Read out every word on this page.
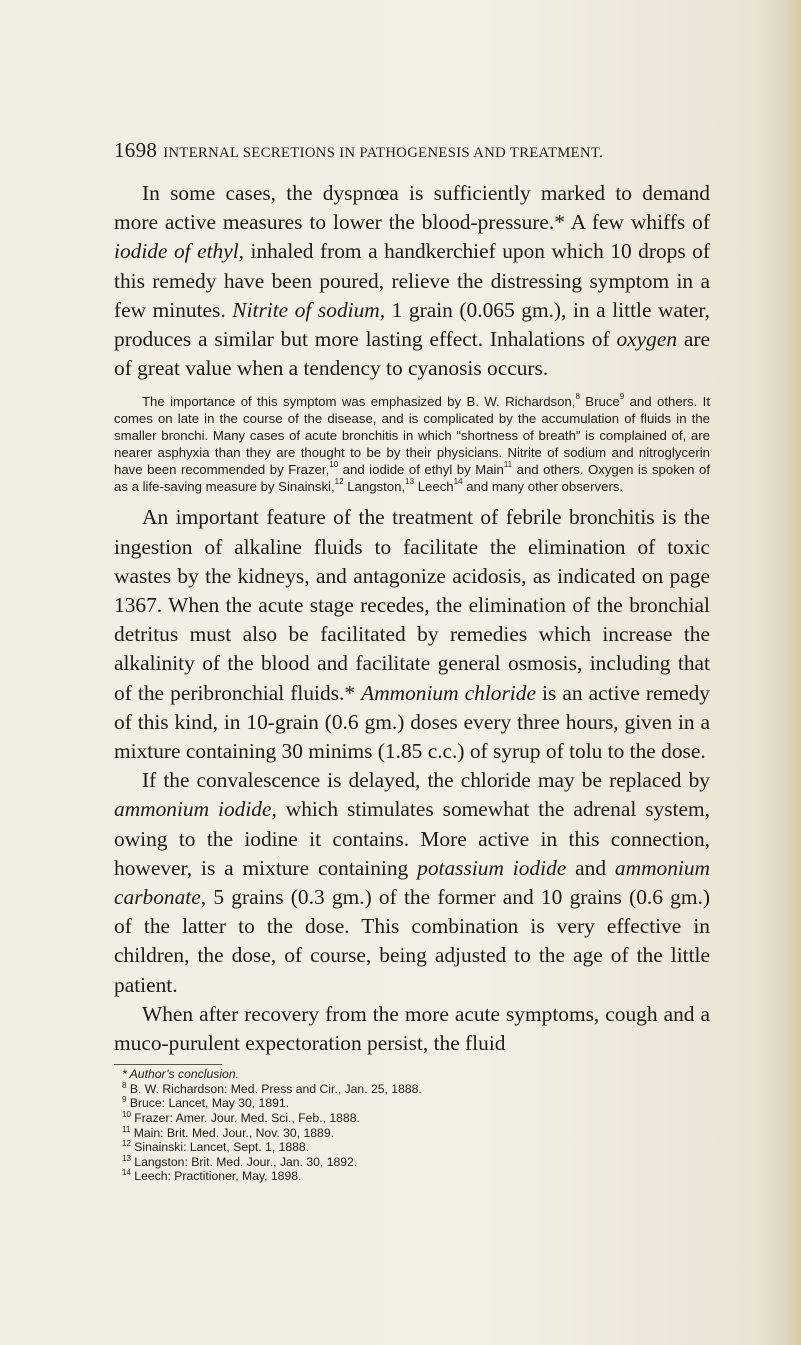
1698 INTERNAL SECRETIONS IN PATHOGENESIS AND TREATMENT.

In some cases, the dyspnœa is sufficiently marked to demand more active measures to lower the blood-pressure.* A few whiffs of iodide of ethyl, inhaled from a handkerchief upon which 10 drops of this remedy have been poured, relieve the distressing symptom in a few minutes. Nitrite of sodium, 1 grain (0.065 gm.), in a little water, produces a similar but more lasting effect. Inhalations of oxygen are of great value when a tendency to cyanosis occurs.

The importance of this symptom was emphasized by B. W. Richardson,$^8$ Bruce$^9$ and others. It comes on late in the course of the disease, and is complicated by the accumulation of fluids in the smaller bronchi. Many cases of acute bronchitis in which “shortness of breath” is complained of, are nearer asphyxia than they are thought to be by their physicians. Nitrite of sodium and nitroglycerin have been recommended by Frazer,$^{10}$ and iodide of ethyl by Main$^{11}$ and others. Oxygen is spoken of as a life-saving measure by Sinainski,$^{12}$ Langston,$^{13}$ Leech$^{14}$ and many other observers.

An important feature of the treatment of febrile bronchitis is the ingestion of alkaline fluids to facilitate the elimination of toxic wastes by the kidneys, and antagonize acidosis, as indicated on page 1367. When the acute stage recedes, the elimination of the bronchial detritus must also be facilitated by remedies which increase the alkalinity of the blood and facilitate general osmosis, including that of the peribronchial fluids.* Ammonium chloride is an active remedy of this kind, in 10-grain (0.6 gm.) doses every three hours, given in a mixture containing 30 minims (1.85 c.c.) of syrup of tolu to the dose.

If the convalescence is delayed, the chloride may be replaced by ammonium iodide, which stimulates somewhat the adrenal system, owing to the iodine it contains. More active in this connection, however, is a mixture containing potassium iodide and ammonium carbonate, 5 grains (0.3 gm.) of the former and 10 grains (0.6 gm.) of the latter to the dose. This combination is very effective in children, the dose, of course, being adjusted to the age of the little patient.

When after recovery from the more acute symptoms, cough and a muco-purulent expectoration persist, the fluid

* Author’s conclusion.

$^8$ B. W. Richardson: Med. Press and Cir., Jan. 25, 1888.

$^9$ Bruce: Lancet, May 30, 1891.

$^{10}$ Frazer: Amer. Jour. Med. Sci., Feb., 1888.

$^{11}$ Main: Brit. Med. Jour., Nov. 30, 1889.

$^{12}$ Sinainski: Lancet, Sept. 1, 1888.

$^{13}$ Langston: Brit. Med. Jour., Jan. 30, 1892.

$^{14}$ Leech: Practitioner, May, 1898.
